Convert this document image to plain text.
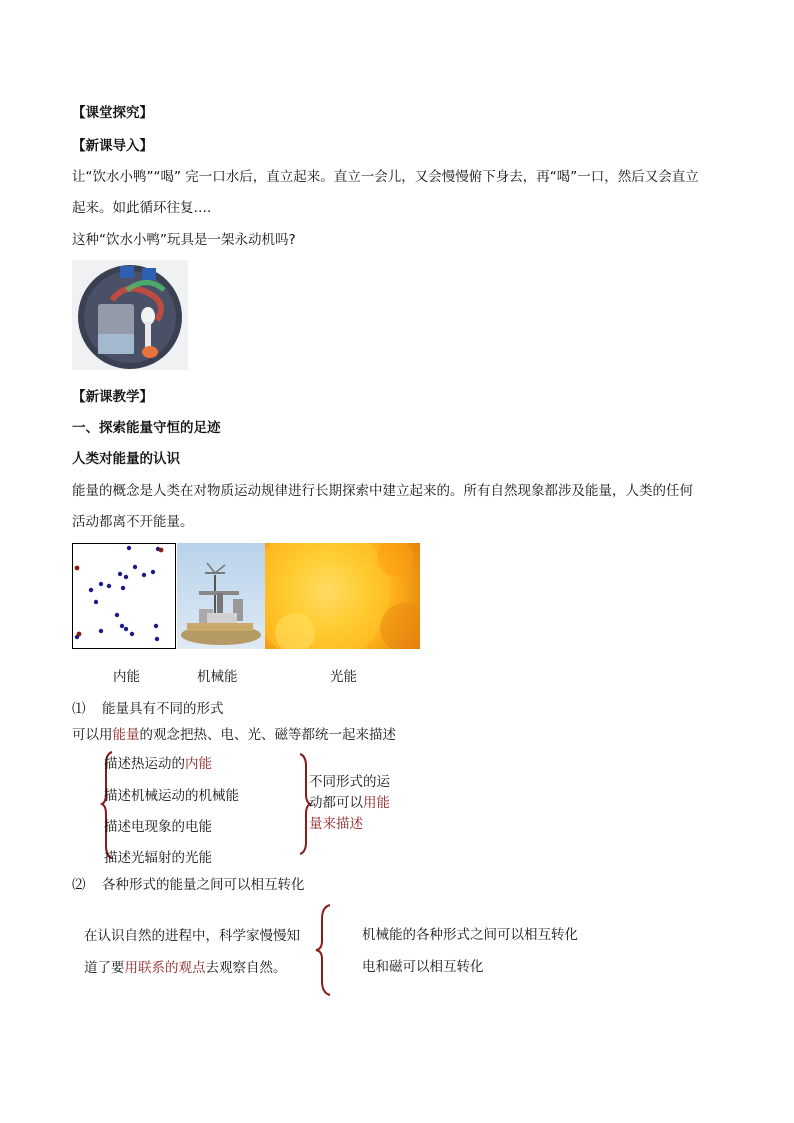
【课堂探究】
【新课导入】
让“饮水小鸭”“喝” 完一口水后，直立起来。直立一会儿，又会慢慢俯下身去，再“喝”一口，然后又会直立
起来。如此循环往复….
这种“饮水小鸭”玩具是一架永动机吗?
【新课教学】
一、探索能量守恒的足迹
人类对能量的认识
能量的概念是人类在对物质运动规律进行长期探索中建立起来的。所有自然现象都涉及能量，人类的任何
活动都离不开能量。
内能	机械能	光能
⑴ 能量具有不同的形式
可以用能量的观念把热、电、光、磁等都统一起来描述
描述热运动的内能
描述机械运动的机械能
描述电现象的电能
描述光辐射的光能
不同形式的运
动都可以用能
量来描述
⑵ 各种形式的能量之间可以相互转化
在认识自然的进程中，科学家慢慢知
道了要用联系的观点去观察自然。
机械能的各种形式之间可以相互转化
电和磁可以相互转化
